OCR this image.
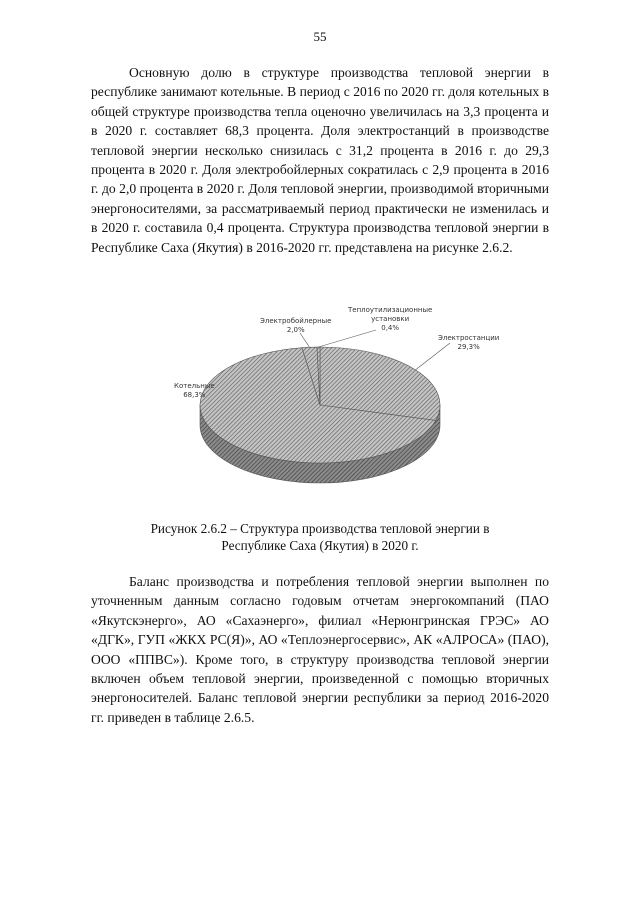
55

Основную долю в структуре производства тепловой энергии в республике занимают котельные. В период с 2016 по 2020 гг. доля котельных в общей структуре производства тепла оценочно увеличилась на 3,3 процента и в 2020 г. составляет 68,3 процента. Доля электростанций в производстве тепловой энергии несколько снизилась с 31,2 процента в 2016 г. до 29,3 процента в 2020 г. Доля электробойлерных сократилась с 2,9 процента в 2016 г. до 2,0 процента в 2020 г. Доля тепловой энергии, производимой вторичными энергоносителями, за рассматриваемый период практически не изменилась и в 2020 г. составила 0,4 процента. Структура производства тепловой энергии в Республике Саха (Якутия) в 2016-2020 гг. представлена на рисунке 2.6.2.

Электростанции
29,3%
Котельные
68,3%
Электробойлерные
2,0%
Теплоутилизационные
установки
0,4%
Рисунок 2.6.2 – Структура производства тепловой энергии в
Республике Саха (Якутия) в 2020 г.

Баланс производства и потребления тепловой энергии выполнен по уточненным данным согласно годовым отчетам энергокомпаний (ПАО «Якутскэнерго», АО «Сахаэнерго», филиал «Нерюнгринская ГРЭС» АО «ДГК», ГУП «ЖКХ РС(Я)», АО «Теплоэнергосервис», АК «АЛРОСА» (ПАО), ООО «ППВС»). Кроме того, в структуру производства тепловой энергии включен объем тепловой энергии, произведенной с помощью вторичных энергоносителей. Баланс тепловой энергии республики за период 2016-2020 гг. приведен в таблице 2.6.5.
